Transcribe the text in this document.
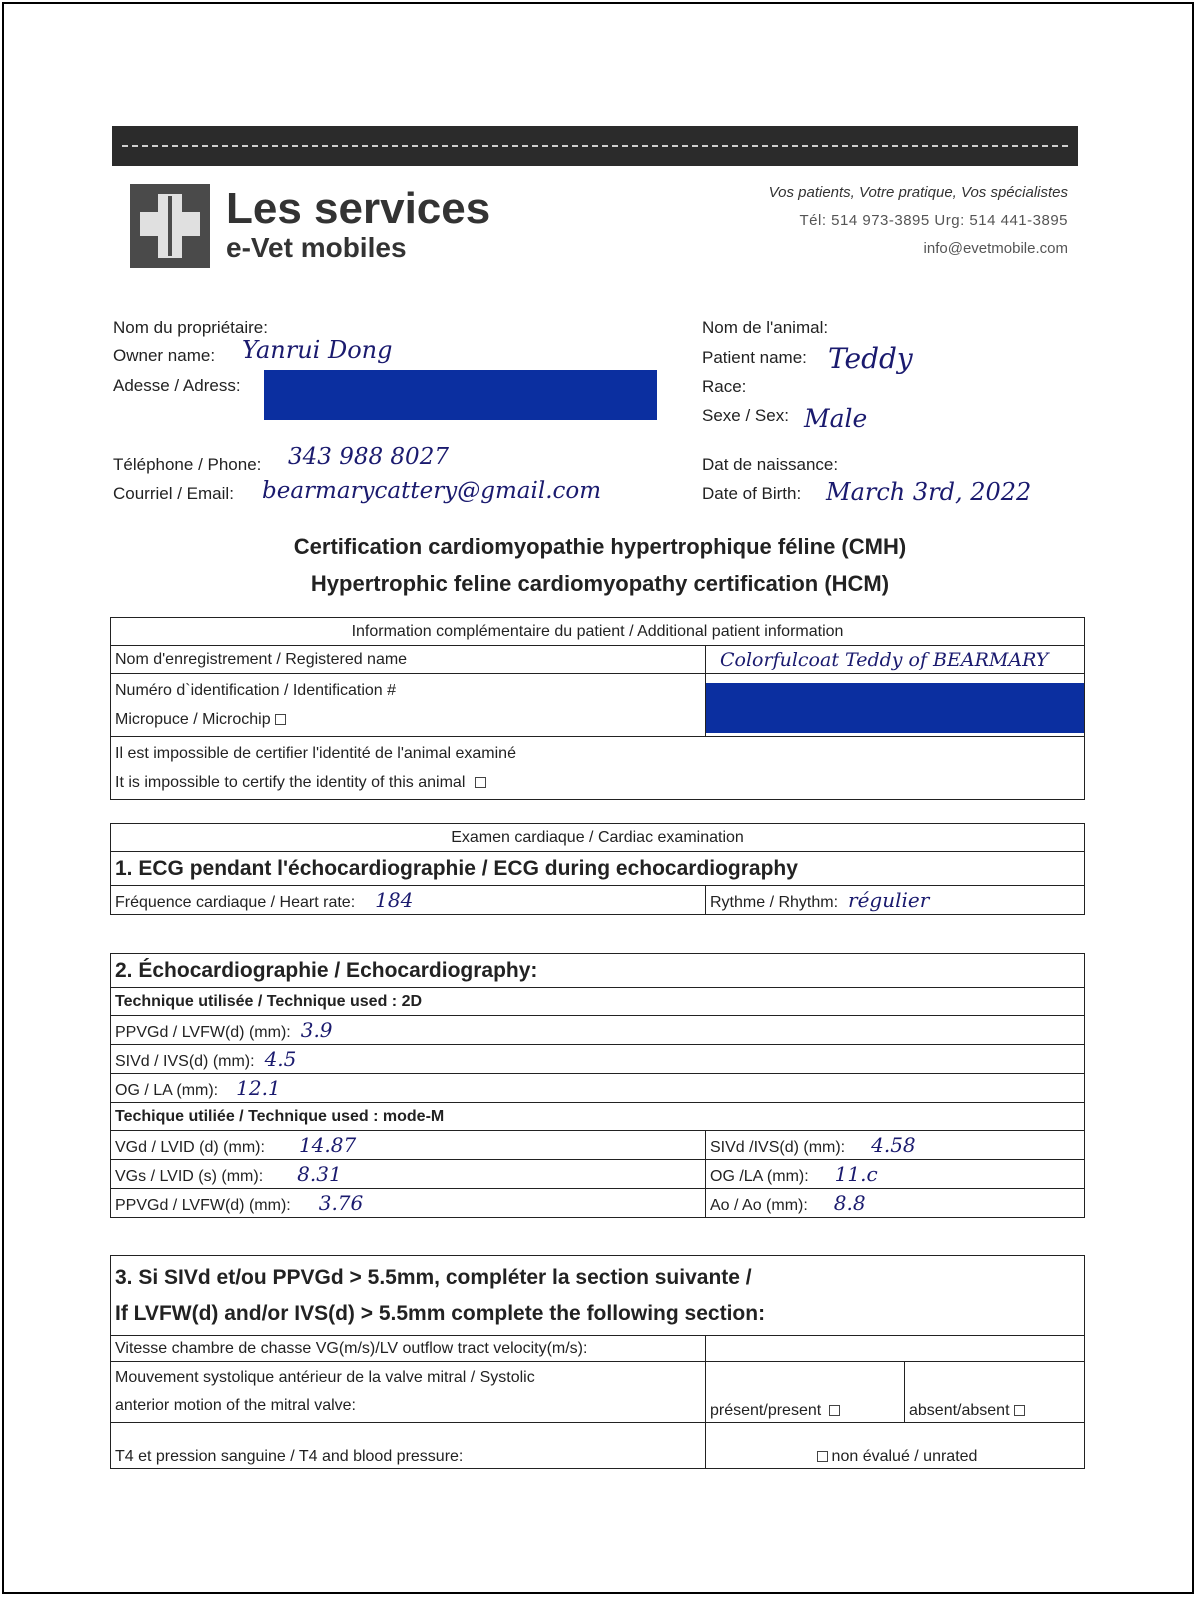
Les services
e-Vet mobiles
Vos patients, Votre pratique, Vos spécialistes
Tél: 514 973-3895 Urg: 514 441-3895
info@evetmobile.com
Nom du propriétaire:
Owner name: Yanrui Dong
Adesse / Adress:
Téléphone / Phone: 343 988 8027
Courriel / Email: bearmarycattery@gmail.com
Nom de l'animal:
Patient name: Teddy
Race:
Sexe / Sex: Male
Dat de naissance:
Date of Birth: March 3rd, 2022
Certification cardiomyopathie hypertrophique féline (CMH)
Hypertrophic feline cardiomyopathy certification (HCM)
Information complémentaire du patient / Additional patient information	
Nom d'enregistrement / Registered name	Colorfulcoat Teddy of BEARMARY

Numéro d`identification / Identification #
Micropuce / Microchip	

Il est impossible de certifier l'identité de l'animal examiné
It is impossible to certify the identity of this animal	
Examen cardiaque / Cardiac examination
1. ECG pendant l'échocardiographie / ECG during echocardiography
Fréquence cardiaque / Heart rate: 184	Rythme / Rhythm: régulier
2. Échocardiographie / Echocardiography:	
Technique utilisée / Technique used : 2D	
PPVGd / LVFW(d) (mm): 3.9	
SIVd / IVS(d) (mm): 4.5	
OG / LA (mm): 12.1	
Techique utiliée / Technique used : mode-M	
VGd / LVID (d) (mm): 14.87	SIVd /IVS(d) (mm): 4.58
VGs / LVID (s) (mm): 8.31	OG /LA (mm): 11.c
PPVGd / LVFW(d) (mm): 3.76	Ao / Ao (mm): 8.8
3. Si SIVd et/ou PPVGd > 5.5mm, compléter la section suivante /
If LVFW(d) and/or IVS(d) > 5.5mm complete the following section:		

Vitesse chambre de chasse VG(m/s)/LV outflow tract velocity(m/s):		

Mouvement systolique antérieur de la valve mitral / Systolic
anterior motion of the mitral valve:	présent/present	absent/absent
T4 et pression sanguine / T4 and blood pressure:	non évalué / unrated	
